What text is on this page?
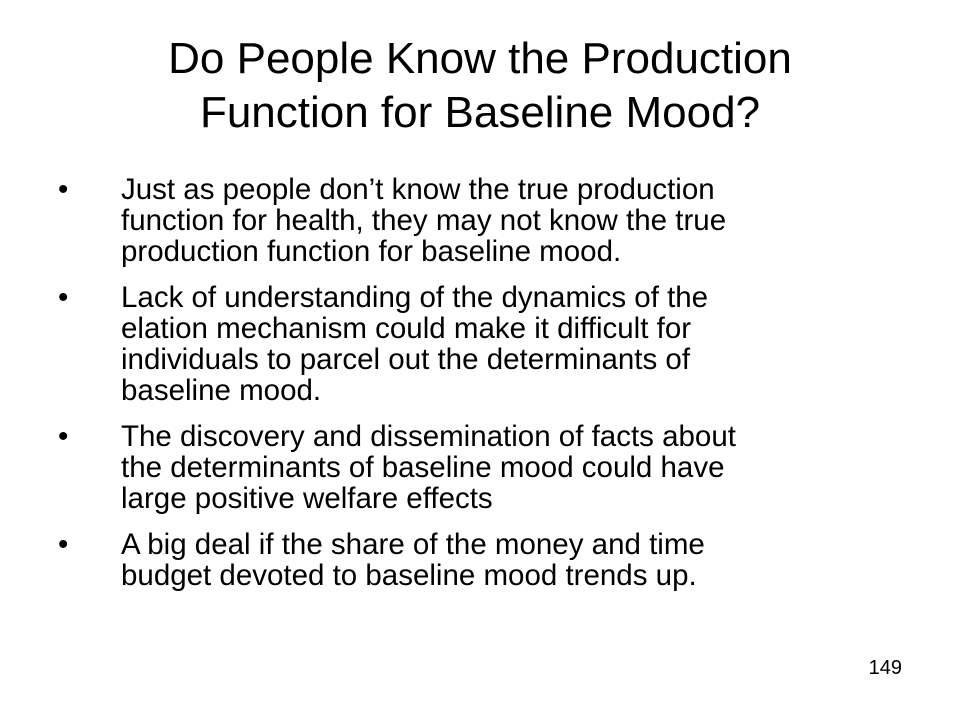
Do People Know the Production
Function for Baseline Mood?
•	Just as people don’t know the true production
function for health, they may not know the true
production function for baseline mood.
•	Lack of understanding of the dynamics of the
elation mechanism could make it difficult for
individuals to parcel out the determinants of
baseline mood.
•	The discovery and dissemination of facts about
the determinants of baseline mood could have
large positive welfare effects
•	A big deal if the share of the money and time
budget devoted to baseline mood trends up.
149
